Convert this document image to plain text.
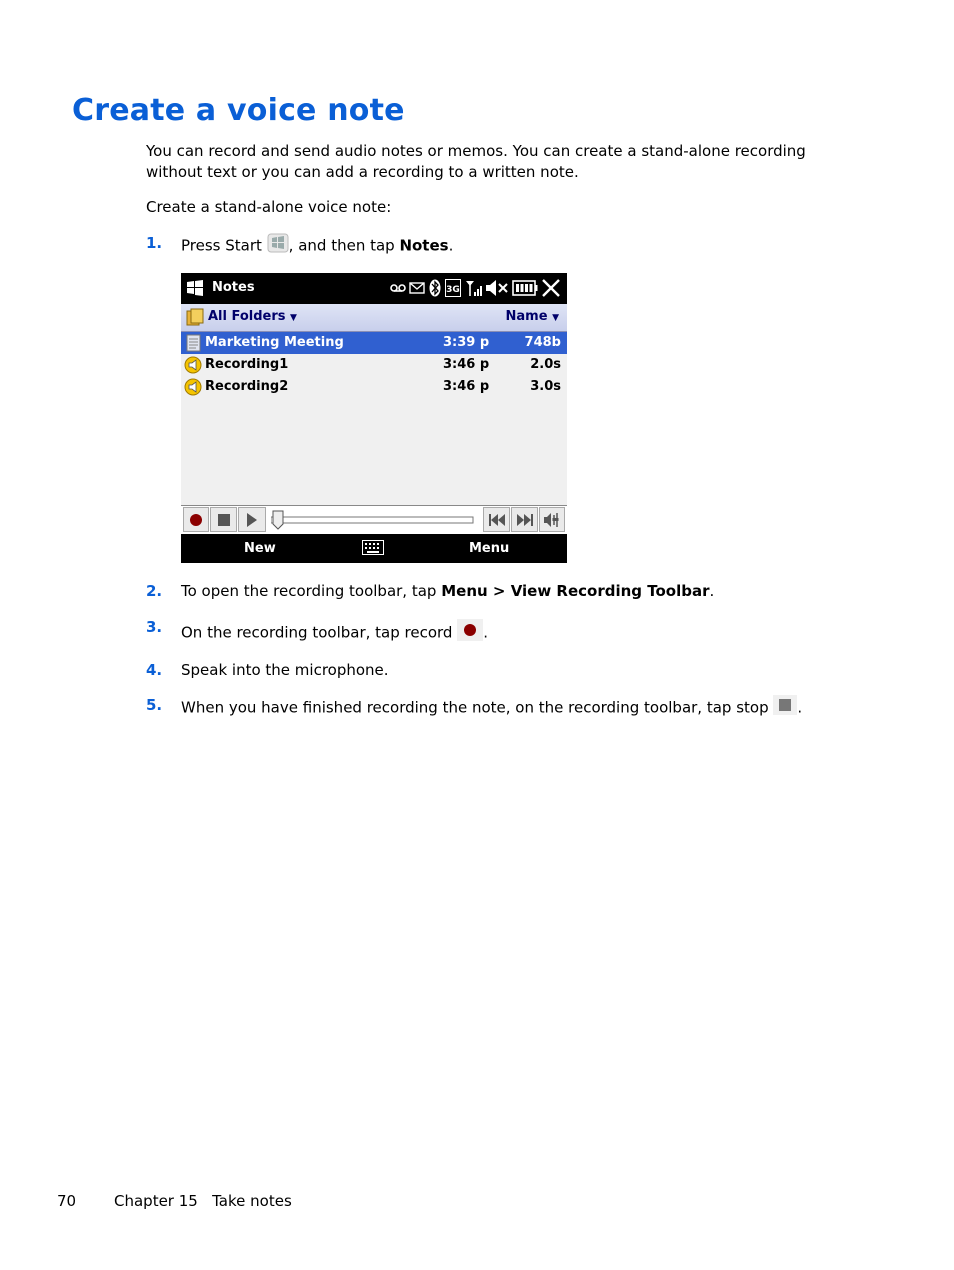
Create a voice note

You can record and send audio notes or memos. You can create a stand-alone recording without text or you can add a recording to a written note.

Create a stand-alone voice note:

1.	Press Start , and then tap Notes.
Notes	3G
All Folders ▼	Name ▼
Marketing Meeting	3:39 p	748b
Recording1	3:46 p	2.0s
Recording2	3:46 p	3.0s
New	Menu
2.	To open the recording toolbar, tap Menu > View Recording Toolbar.
3.	On the recording toolbar, tap record .
4.	Speak into the microphone.
5.	When you have finished recording the note, on the recording toolbar, tap stop .
70	Chapter 15   Take notes
